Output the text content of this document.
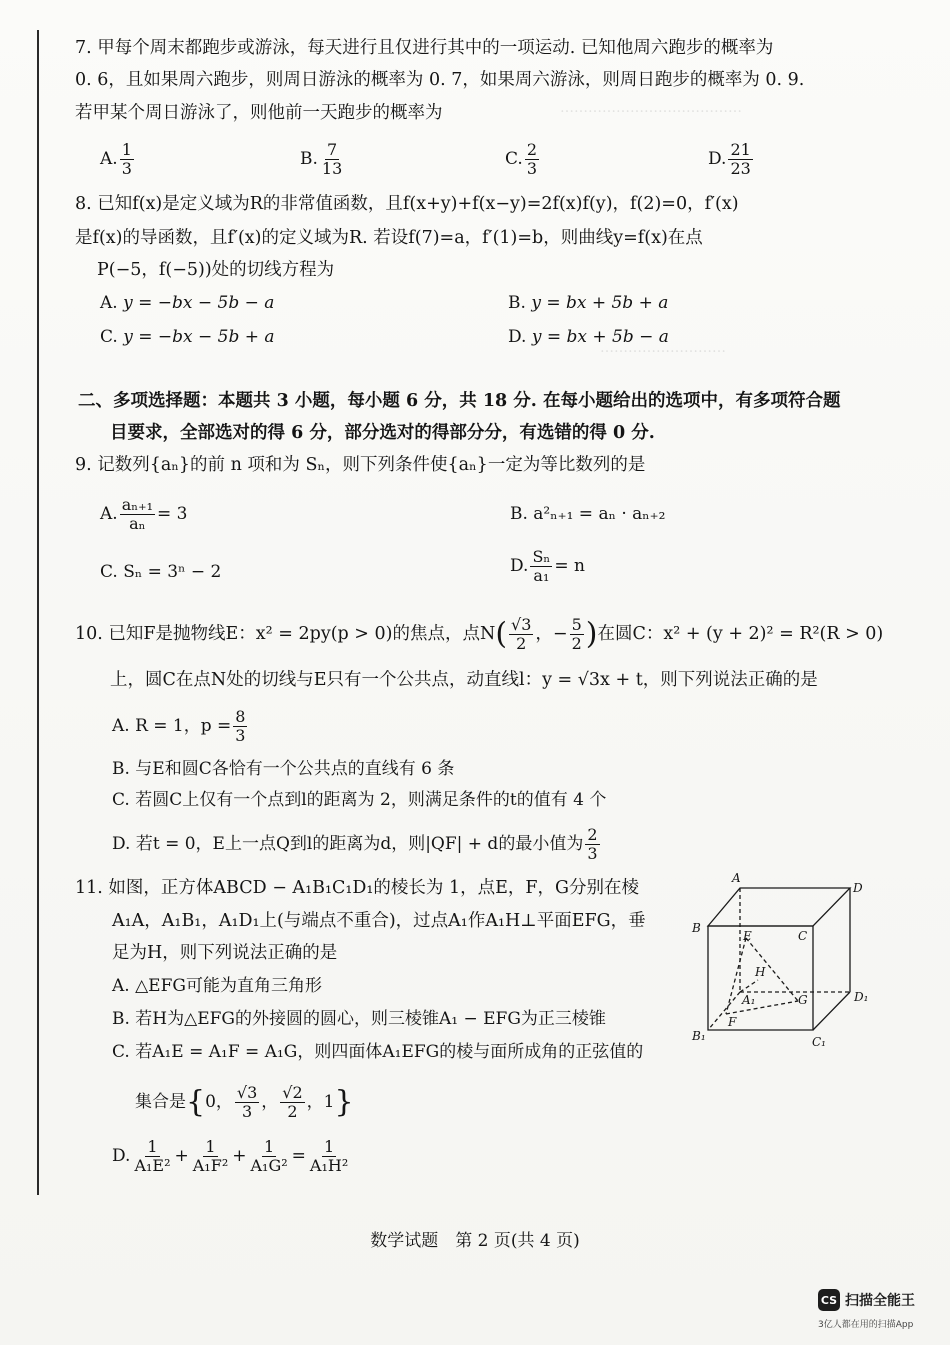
…………………………………
………………………
7. 甲每个周末都跑步或游泳，每天进行且仅进行其中的一项运动. 已知他周六跑步的概率为
0. 6，且如果周六跑步，则周日游泳的概率为 0. 7，如果周六游泳，则周日跑步的概率为 0. 9.
若甲某个周日游泳了，则他前一天跑步的概率为
A. $\frac{1}{3}$	B. $\frac{7}{13}$	C. $\frac{2}{3}$	D. $\frac{21}{23}$
8. 已知f(x)是定义域为R的非常值函数，且f(x+y)+f(x−y)=2f(x)f(y)，f(2)=0，f′(x)
是f(x)的导函数，且f′(x)的定义域为R. 若设f(7)=a，f′(1)=b，则曲线y=f(x)在点
P(−5，f(−5))处的切线方程为
A. y = −bx − 5b − a	B. y = bx + 5b + a
C. y = −bx − 5b + a	D. y = bx + 5b − a
二、多项选择题：本题共 3 小题，每小题 6 分，共 18 分. 在每小题给出的选项中，有多项符合题
目要求，全部选对的得 6 分，部分选对的得部分分，有选错的得 0 分.
9. 记数列{aₙ}的前 n 项和为 Sₙ，则下列条件使{aₙ}一定为等比数列的是
A. $\frac{\text{aₙ₊₁}}{\text{aₙ}} = 3$	B. a²ₙ₊₁ = aₙ · aₙ₊₂
C. Sₙ = 3ⁿ − 2	D. $\frac{\text{Sₙ}}{\text{a₁}} = n$
10. 已知F是抛物线E：x² = 2py(p > 0)的焦点，点$N( \frac{√3}{2}$ ，− $\frac{5}{2}$ )在圆C：x² + (y + 2)² = R²(R > 0)
上，圆C在点N处的切线与E只有一个公共点，动直线l：y = √3x + t，则下列说法正确的是
A. R = 1，$p = \frac{8}{3}$
B. 与E和圆C各恰有一个公共点的直线有 6 条
C. 若圆C上仅有一个点到l的距离为 2，则满足条件的t的值有 4 个
D. 若t = 0，E上一点Q到l的距离为d，则|QF| + d的最小值为 $\frac{2}{3}$
11. 如图，正方体ABCD − A₁B₁C₁D₁的棱长为 1，点E，F，G分别在棱
A₁A，A₁B₁，A₁D₁上(与端点不重合)，过点A₁作A₁H⊥平面EFG，垂
足为H，则下列说法正确的是
A. △EFG可能为直角三角形
B. 若H为△EFG的外接圆的圆心，则三棱锥A₁ − EFG为正三棱锥
C. 若A₁E = A₁F = A₁G，则四面体A₁EFG的棱与面所成角的正弦值的
集合是{0， $\frac{√3}{3}$ ， $\frac{√2}{2}$ ，1}
D. $\frac{1}{\text{A₁E²}} + \frac{1}{\text{A₁F²}} + \frac{1}{\text{A₁G²}} = \frac{1}{\text{A₁H²}}$
A
D
B
C
E
H
A₁	G	D₁
F
B₁	C₁
数学试题　第 2 页(共 4 页)
CS 扫描全能王
3亿人都在用的扫描App
